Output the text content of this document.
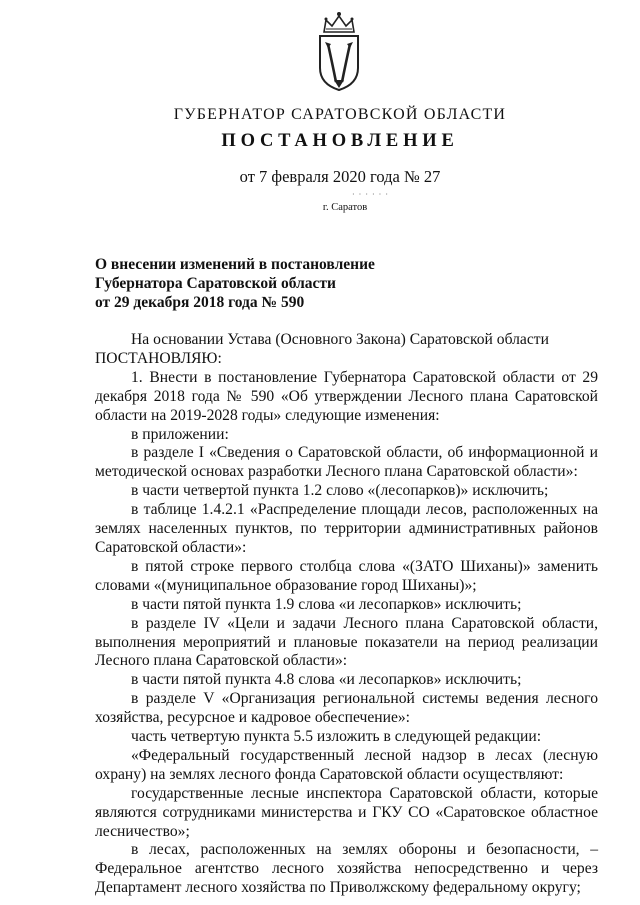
ГУБЕРНАТОР САРАТОВСКОЙ ОБЛАСТИ
ПОСТАНОВЛЕНИЕ
от 7 февраля 2020 года № 27
· · · · · ·
г. Саратов
О внесении изменений в постановление
Губернатора Саратовской области
от 29 декабря 2018 года № 590

На основании Устава (Основного Закона) Саратовской области

ПОСТАНОВЛЯЮ:

1. Внести в постановление Губернатора Саратовской области от 29 декабря 2018 года № 590 «Об утверждении Лесного плана Саратовской области на 2019-2028 годы» следующие изменения:

в приложении:

в разделе I «Сведения о Саратовской области, об информационной и методической основах разработки Лесного плана Саратовской области»:

в части четвертой пункта 1.2 слово «(лесопарков)» исключить;

в таблице 1.4.2.1 «Распределение площади лесов, расположенных на землях населенных пунктов, по территории административных районов Саратовской области»:

в пятой строке первого столбца слова «(ЗАТО Шиханы)» заменить словами «(муниципальное образование город Шиханы)»;

в части пятой пункта 1.9 слова «и лесопарков» исключить;

в разделе IV «Цели и задачи Лесного плана Саратовской области, выполнения мероприятий и плановые показатели на период реализации Лесного плана Саратовской области»:

в части пятой пункта 4.8 слова «и лесопарков» исключить;

в разделе V «Организация региональной системы ведения лесного хозяйства, ресурсное и кадровое обеспечение»:

часть четвертую пункта 5.5 изложить в следующей редакции:

«Федеральный государственный лесной надзор в лесах (лесную охрану) на землях лесного фонда Саратовской области осуществляют:

государственные лесные инспектора Саратовской области, которые являются сотрудниками министерства и ГКУ СО «Саратовское областное лесничество»;

в лесах, расположенных на землях обороны и безопасности, – Федеральное агентство лесного хозяйства непосредственно и через Департамент лесного хозяйства по Приволжскому федеральному округу;
